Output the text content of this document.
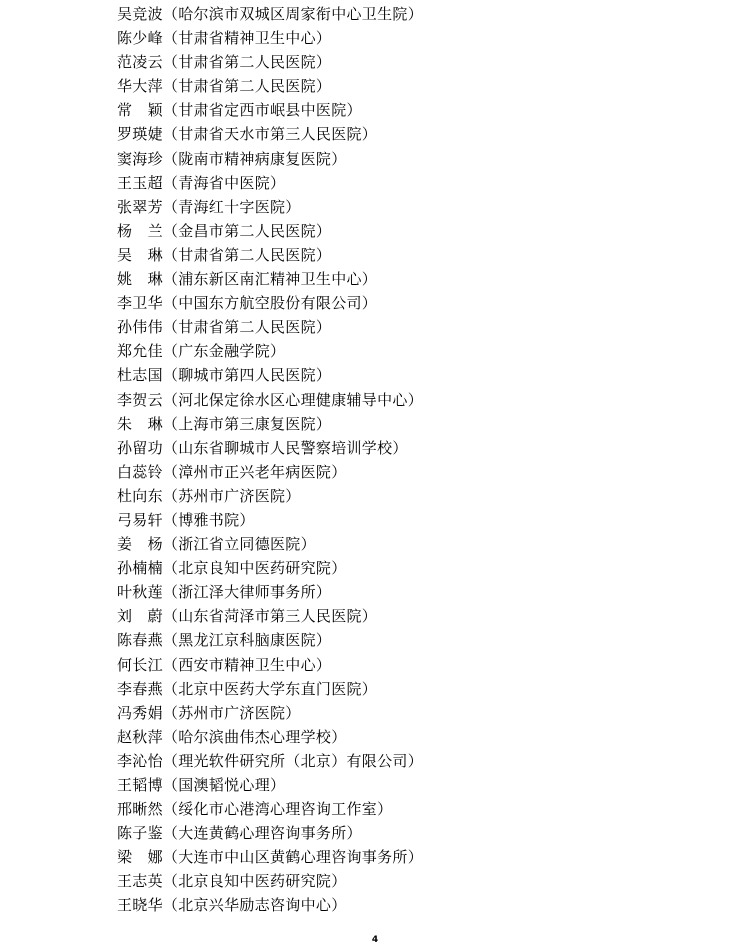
吴竞波（哈尔滨市双城区周家衔中心卫生院）
陈少峰（甘肃省精神卫生中心）
范凌云（甘肃省第二人民医院）
华大萍（甘肃省第二人民医院）
常　颖（甘肃省定西市岷县中医院）
罗瑛婕（甘肃省天水市第三人民医院）
窦海珍（陇南市精神病康复医院）
王玉超（青海省中医院）
张翠芳（青海红十字医院）
杨　兰（金昌市第二人民医院）
吴　琳（甘肃省第二人民医院）
姚　琳（浦东新区南汇精神卫生中心）
李卫华（中国东方航空股份有限公司）
孙伟伟（甘肃省第二人民医院）
郑允佳（广东金融学院）
杜志国（聊城市第四人民医院）
李贺云（河北保定徐水区心理健康辅导中心）
朱　琳（上海市第三康复医院）
孙留功（山东省聊城市人民警察培训学校）
白蕊铃（漳州市正兴老年病医院）
杜向东（苏州市广济医院）
弓易轩（博雅书院）
姜　杨（浙江省立同德医院）
孙楠楠（北京良知中医药研究院）
叶秋莲（浙江泽大律师事务所）
刘　蔚（山东省菏泽市第三人民医院）
陈春燕（黑龙江京科脑康医院）
何长江（西安市精神卫生中心）
李春燕（北京中医药大学东直门医院）
冯秀娟（苏州市广济医院）
赵秋萍（哈尔滨曲伟杰心理学校）
李沁怡（理光软件研究所（北京）有限公司）
王韬博（国澳韬悦心理）
邢晰然（绥化市心港湾心理咨询工作室）
陈子鉴（大连黄鹤心理咨询事务所）
梁　娜（大连市中山区黄鹤心理咨询事务所）
王志英（北京良知中医药研究院）
王晓华（北京兴华励志咨询中心）
4
